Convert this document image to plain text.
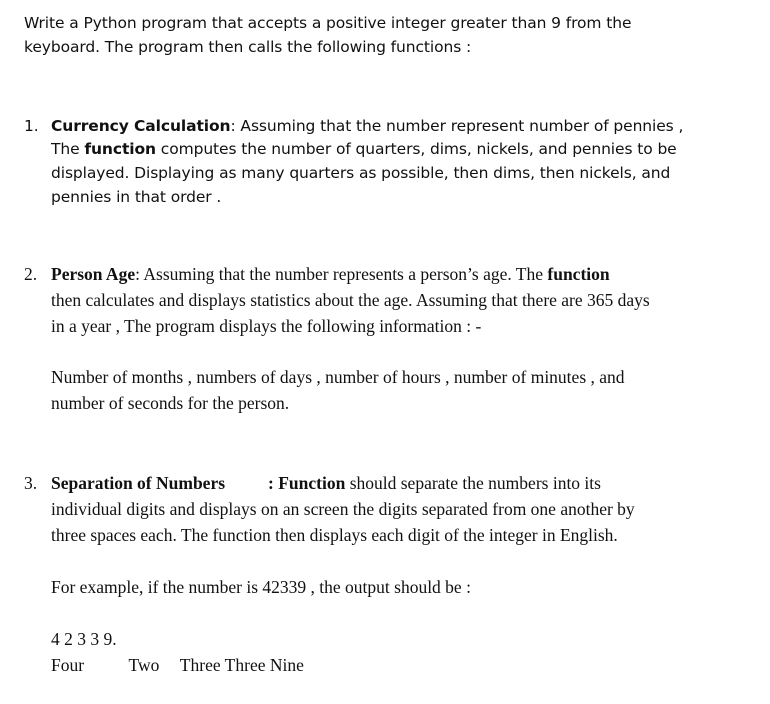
Write a Python program that accepts a positive integer greater than 9 from the
keyboard. The program then calls the following functions :
1. Currency Calculation: Assuming that the number represent number of pennies ,
The function computes the number of quarters, dims, nickels, and pennies to be
displayed. Displaying as many quarters as possible, then dims, then nickels, and
pennies in that order .
2. Person Age: Assuming that the number represents a person’s age. The function
then calculates and displays statistics about the age. Assuming that there are 365 days
in a year , The program displays the following information : -
Number of months , numbers of days , number of hours , number of minutes , and
number of seconds for the person.
3. Separation of Numbers : Function should separate the numbers into its
individual digits and displays on an screen the digits separated from one another by
three spaces each. The function then displays each digit of the integer in English.
For example, if the number is 42339 , the output should be :
4 2 3 3 9.
Four	Two Three Three Nine
